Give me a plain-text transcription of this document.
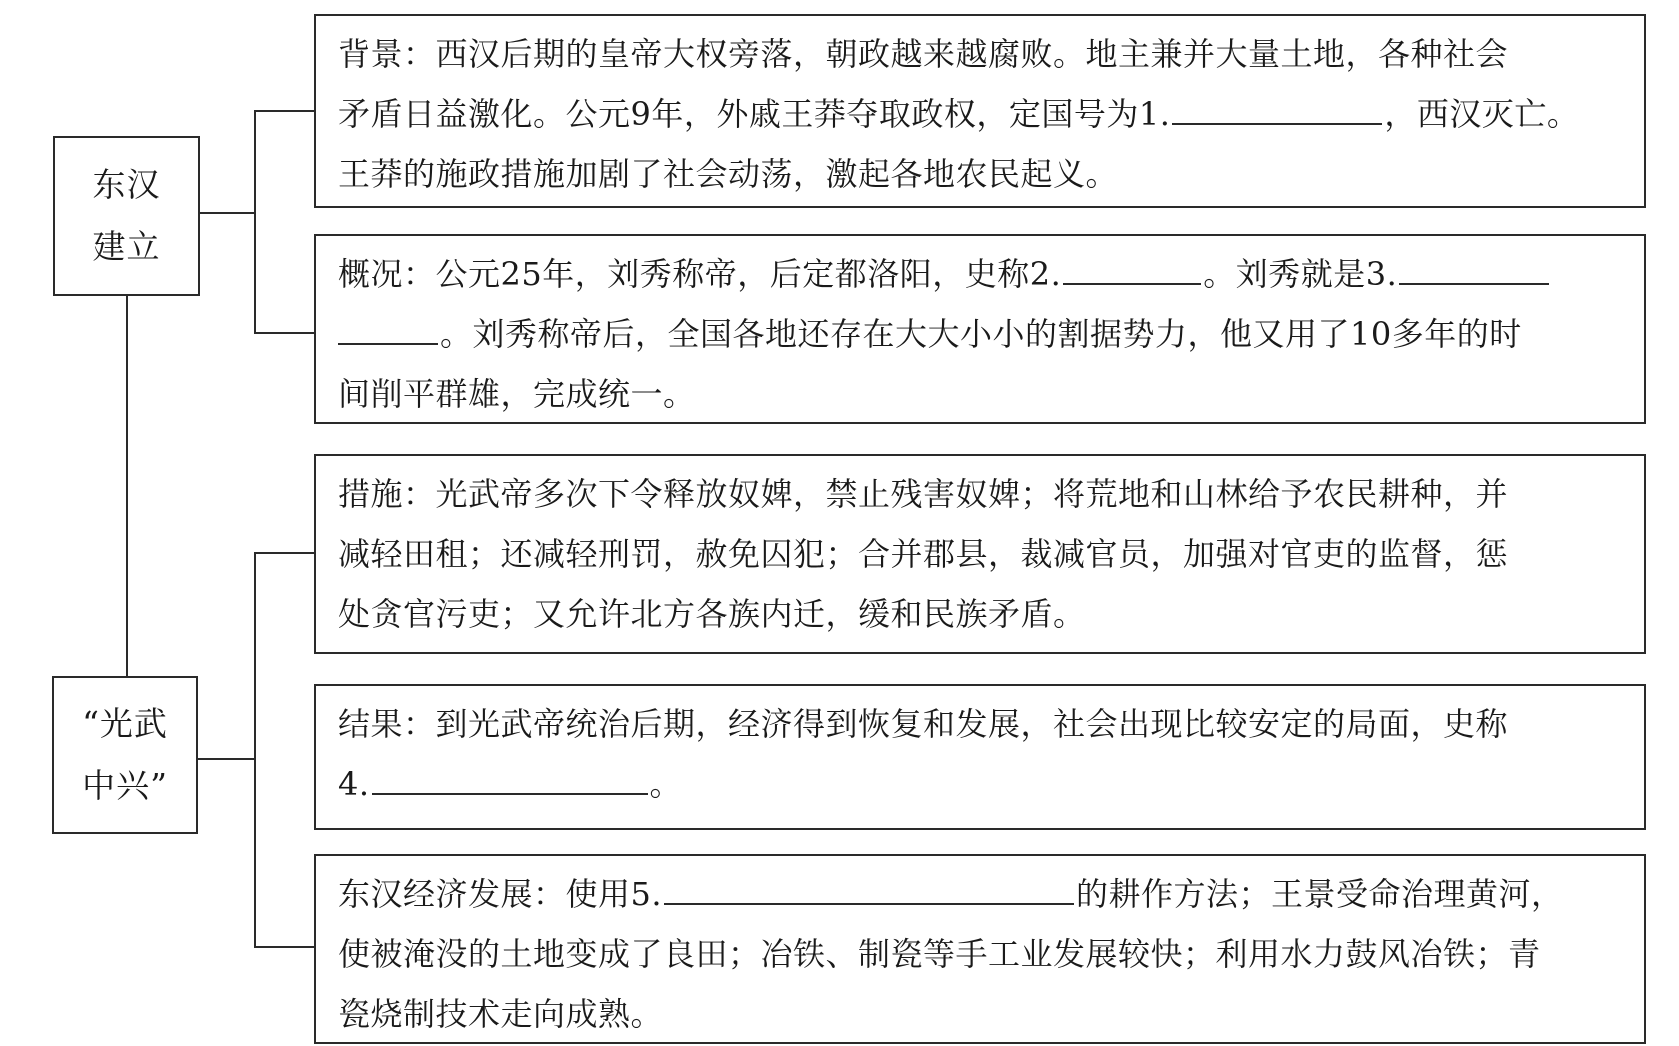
东汉
建立
“光武
中兴”
背景：西汉后期的皇帝大权旁落，朝政越来越腐败。地主兼并大量土地，各种社会
矛盾日益激化。公元9年，外戚王莽夺取政权，定国号为1.	，西汉灭亡。
王莽的施政措施加剧了社会动荡，激起各地农民起义。
概况：公元25年，刘秀称帝，后定都洛阳，史称2.	。刘秀就是3.
。刘秀称帝后，全国各地还存在大大小小的割据势力，他又用了10多年的时
间削平群雄，完成统一。
措施：光武帝多次下令释放奴婢，禁止残害奴婢；将荒地和山林给予农民耕种，并
减轻田租；还减轻刑罚，赦免囚犯；合并郡县，裁减官员，加强对官吏的监督，惩
处贪官污吏；又允许北方各族内迁，缓和民族矛盾。
结果：到光武帝统治后期，经济得到恢复和发展，社会出现比较安定的局面，史称
4.	。
东汉经济发展：使用5.	的耕作方法；王景受命治理黄河，
使被淹没的土地变成了良田；冶铁、制瓷等手工业发展较快；利用水力鼓风冶铁；青
瓷烧制技术走向成熟。
